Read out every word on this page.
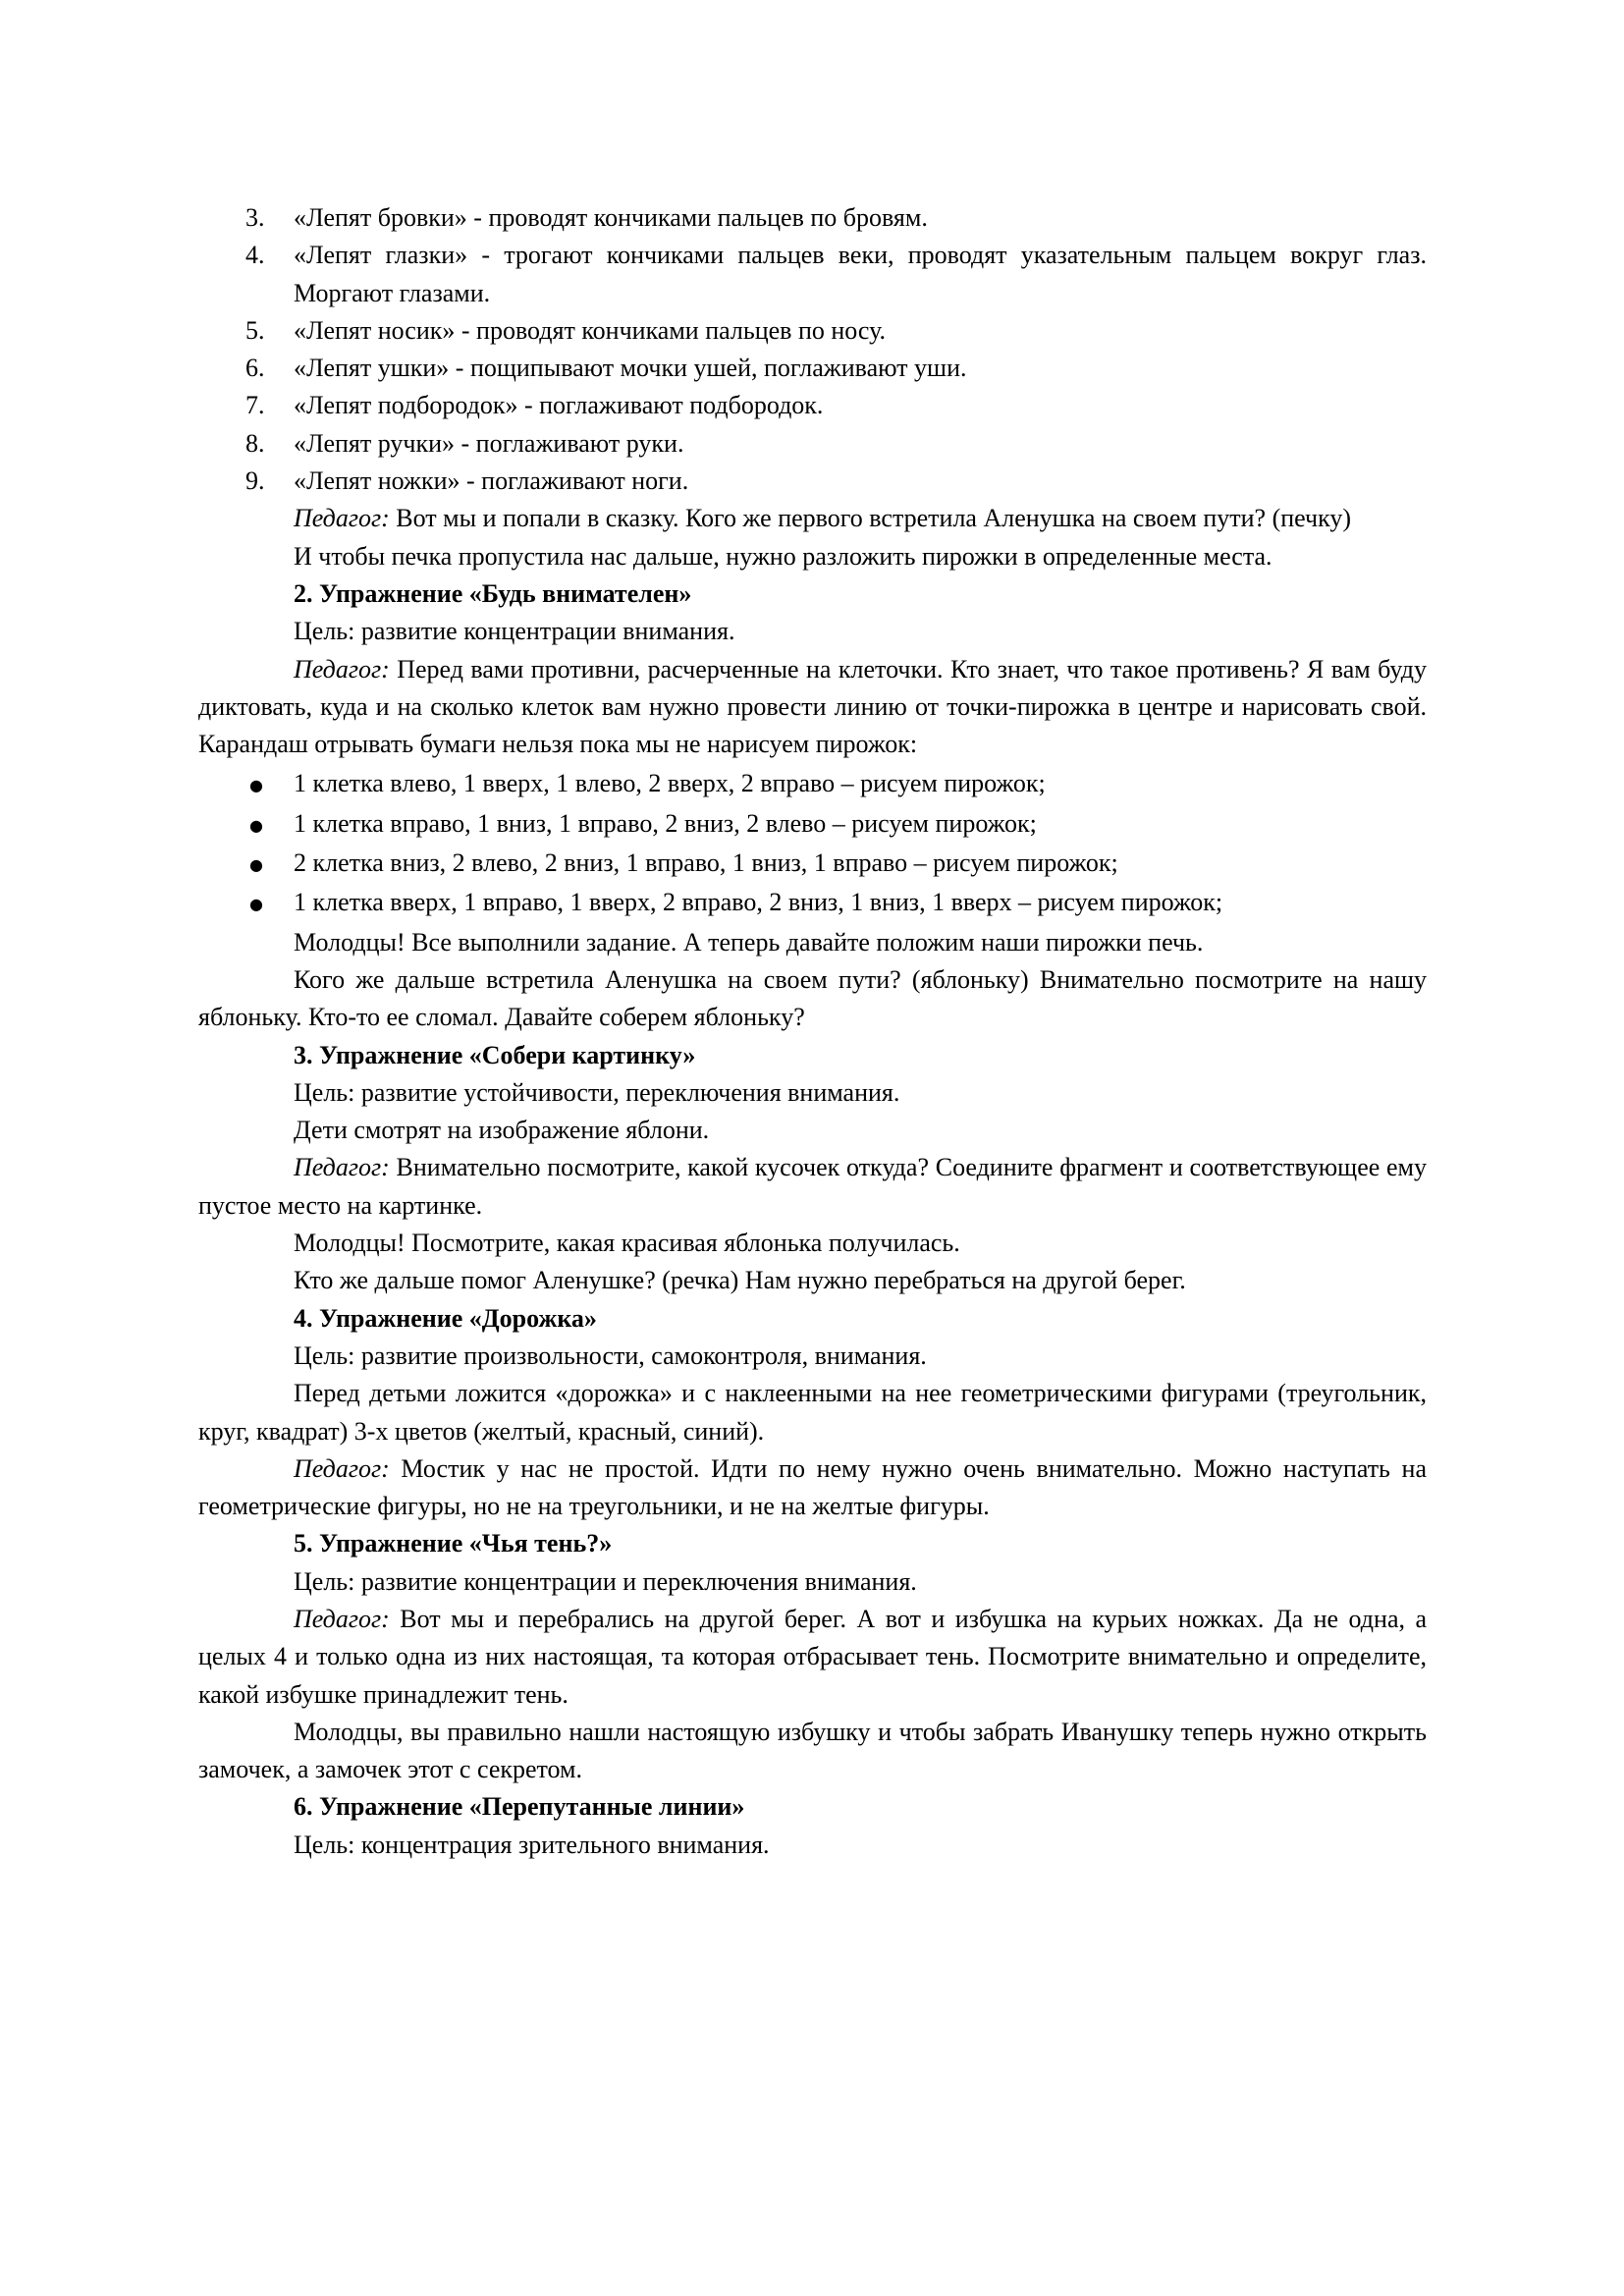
3. «Лепят бровки» - проводят кончиками пальцев по бровям.
4. «Лепят глазки» - трогают кончиками пальцев веки, проводят указательным пальцем вокруг глаз. Моргают глазами.
5. «Лепят носик» - проводят кончиками пальцев по носу.
6. «Лепят ушки» - пощипывают мочки ушей, поглаживают уши.
7. «Лепят подбородок» - поглаживают подбородок.
8. «Лепят ручки» - поглаживают руки.
9. «Лепят ножки» - поглаживают ноги.
Педагог: Вот мы и попали в сказку. Кого же первого встретила Аленушка на своем пути? (печку)
И чтобы печка пропустила нас дальше, нужно разложить пирожки в определенные места.
2. Упражнение «Будь внимателен»
Цель: развитие концентрации внимания.
Педагог: Перед вами противни, расчерченные на клеточки. Кто знает, что такое противень? Я вам буду диктовать, куда и на сколько клеток вам нужно провести линию от точки-пирожка в центре и нарисовать свой. Карандаш отрывать бумаги нельзя пока мы не нарисуем пирожок:
● 1 клетка влево, 1 вверх, 1 влево, 2 вверх, 2 вправо – рисуем пирожок;
● 1 клетка вправо, 1 вниз, 1 вправо, 2 вниз, 2 влево – рисуем пирожок;
● 2 клетка вниз, 2 влево, 2 вниз, 1 вправо, 1 вниз, 1 вправо – рисуем пирожок;
● 1 клетка вверх, 1 вправо, 1 вверх, 2 вправо, 2 вниз, 1 вниз, 1 вверх – рисуем пирожок;
Молодцы! Все выполнили задание. А теперь давайте положим наши пирожки печь.
Кого же дальше встретила Аленушка на своем пути? (яблоньку) Внимательно посмотрите на нашу яблоньку. Кто-то ее сломал. Давайте соберем яблоньку?
3. Упражнение «Собери картинку»
Цель: развитие устойчивости, переключения внимания.
Дети смотрят на изображение яблони.
Педагог: Внимательно посмотрите, какой кусочек откуда? Соедините фрагмент и соответствующее ему пустое место на картинке.
Молодцы! Посмотрите, какая красивая яблонька получилась.
Кто же дальше помог Аленушке? (речка) Нам нужно перебраться на другой берег.
4. Упражнение «Дорожка»
Цель: развитие произвольности, самоконтроля, внимания.
Перед детьми ложится «дорожка» и с наклеенными на нее геометрическими фигурами (треугольник, круг, квадрат) 3-х цветов (желтый, красный, синий).
Педагог: Мостик у нас не простой. Идти по нему нужно очень внимательно. Можно наступать на геометрические фигуры, но не на треугольники, и не на желтые фигуры.
5. Упражнение «Чья тень?»
Цель: развитие концентрации и переключения внимания.
Педагог: Вот мы и перебрались на другой берег. А вот и избушка на курьих ножках. Да не одна, а целых 4 и только одна из них настоящая, та которая отбрасывает тень. Посмотрите внимательно и определите, какой избушке принадлежит тень.
Молодцы, вы правильно нашли настоящую избушку и чтобы забрать Иванушку теперь нужно открыть замочек, а замочек этот с секретом.
6. Упражнение «Перепутанные линии»
Цель: концентрация зрительного внимания.
